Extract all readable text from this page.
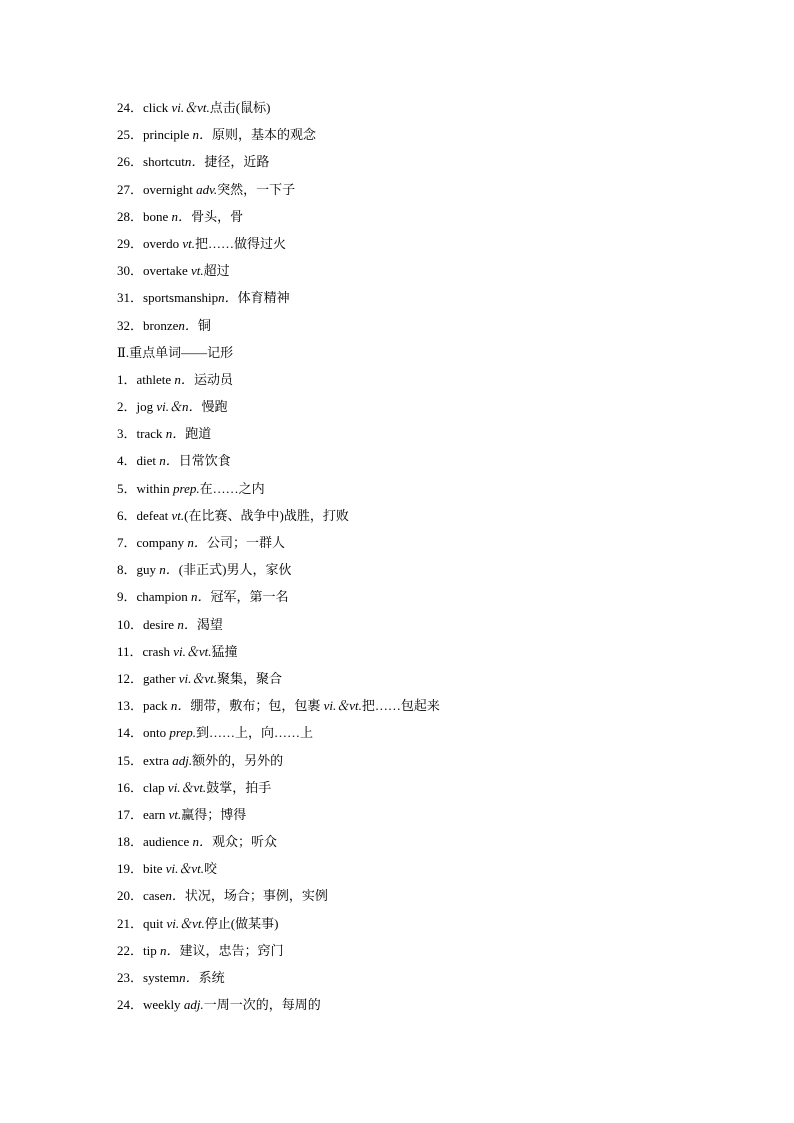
24．click vi.＆vt.点击(鼠标)
25．principle n．原则，基本的观念
26．shortcutn．捷径，近路
27．overnight adv.突然，一下子
28．bone n．骨头，骨
29．overdo vt.把……做得过火
30．overtake vt.超过
31．sportsmanshipn．体育精神
32．bronzen．铜
Ⅱ.重点单词——记形
1．athlete n．运动员
2．jog vi.＆n．慢跑
3．track n．跑道
4．diet n．日常饮食
5．within prep.在……之内
6．defeat vt.(在比赛、战争中)战胜，打败
7．company n．公司；一群人
8．guy n．(非正式)男人，家伙
9．champion n．冠军，第一名
10．desire n．渴望
11．crash vi.＆vt.猛撞
12．gather vi.＆vt.聚集，聚合
13．pack n．绷带，敷布；包，包裹 vi.＆vt.把……包起来
14．onto prep.到……上，向……上
15．extra adj.额外的，另外的
16．clap vi.＆vt.鼓掌，拍手
17．earn vt.赢得；博得
18．audience n．观众；听众
19．bite vi.＆vt.咬
20．casen．状况，场合；事例，实例
21．quit vi.＆vt.停止(做某事)
22．tip n．建议，忠告；窍门
23．systemn．系统
24．weekly adj.一周一次的，每周的
